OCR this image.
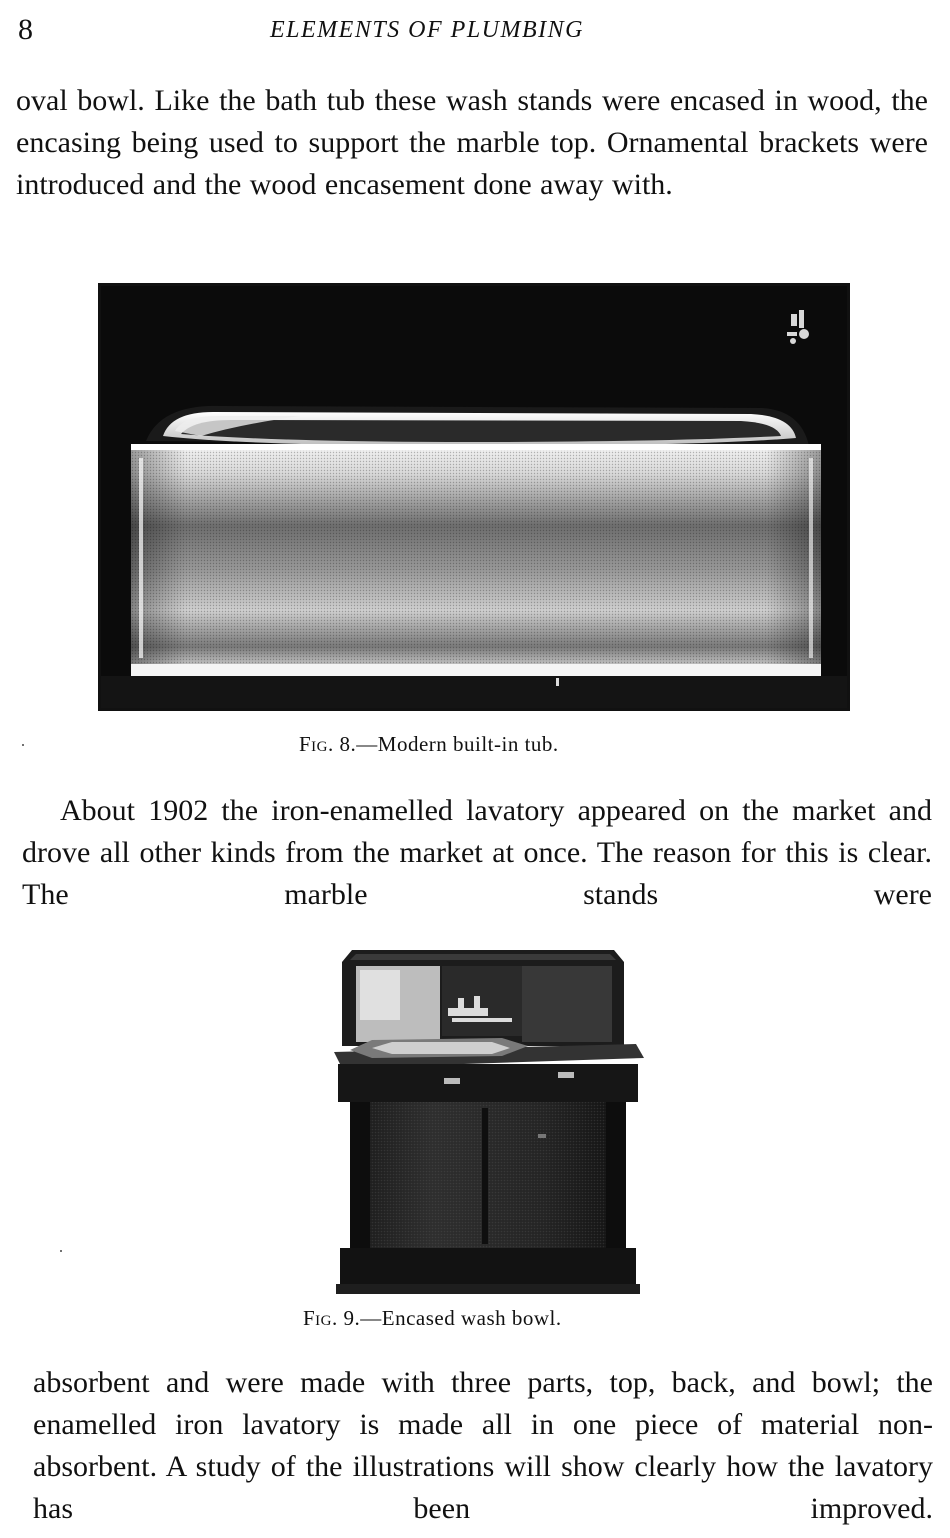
8	ELEMENTS OF PLUMBING

oval bowl. Like the bath tub these wash stands were encased in wood, the encasing being used to support the marble top. Ornamental brackets were introduced and the wood encasement done away with.

Fig. 8.—Modern built-in tub.

About 1902 the iron-enamelled lavatory appeared on the market and drove all other kinds from the market at once. The reason for this is clear. The marble stands were

Fig. 9.—Encased wash bowl.

absorbent and were made with three parts, top, back, and bowl; the enamelled iron lavatory is made all in one piece of material non-absorbent. A study of the illustrations will show clearly how the lavatory has been improved.
